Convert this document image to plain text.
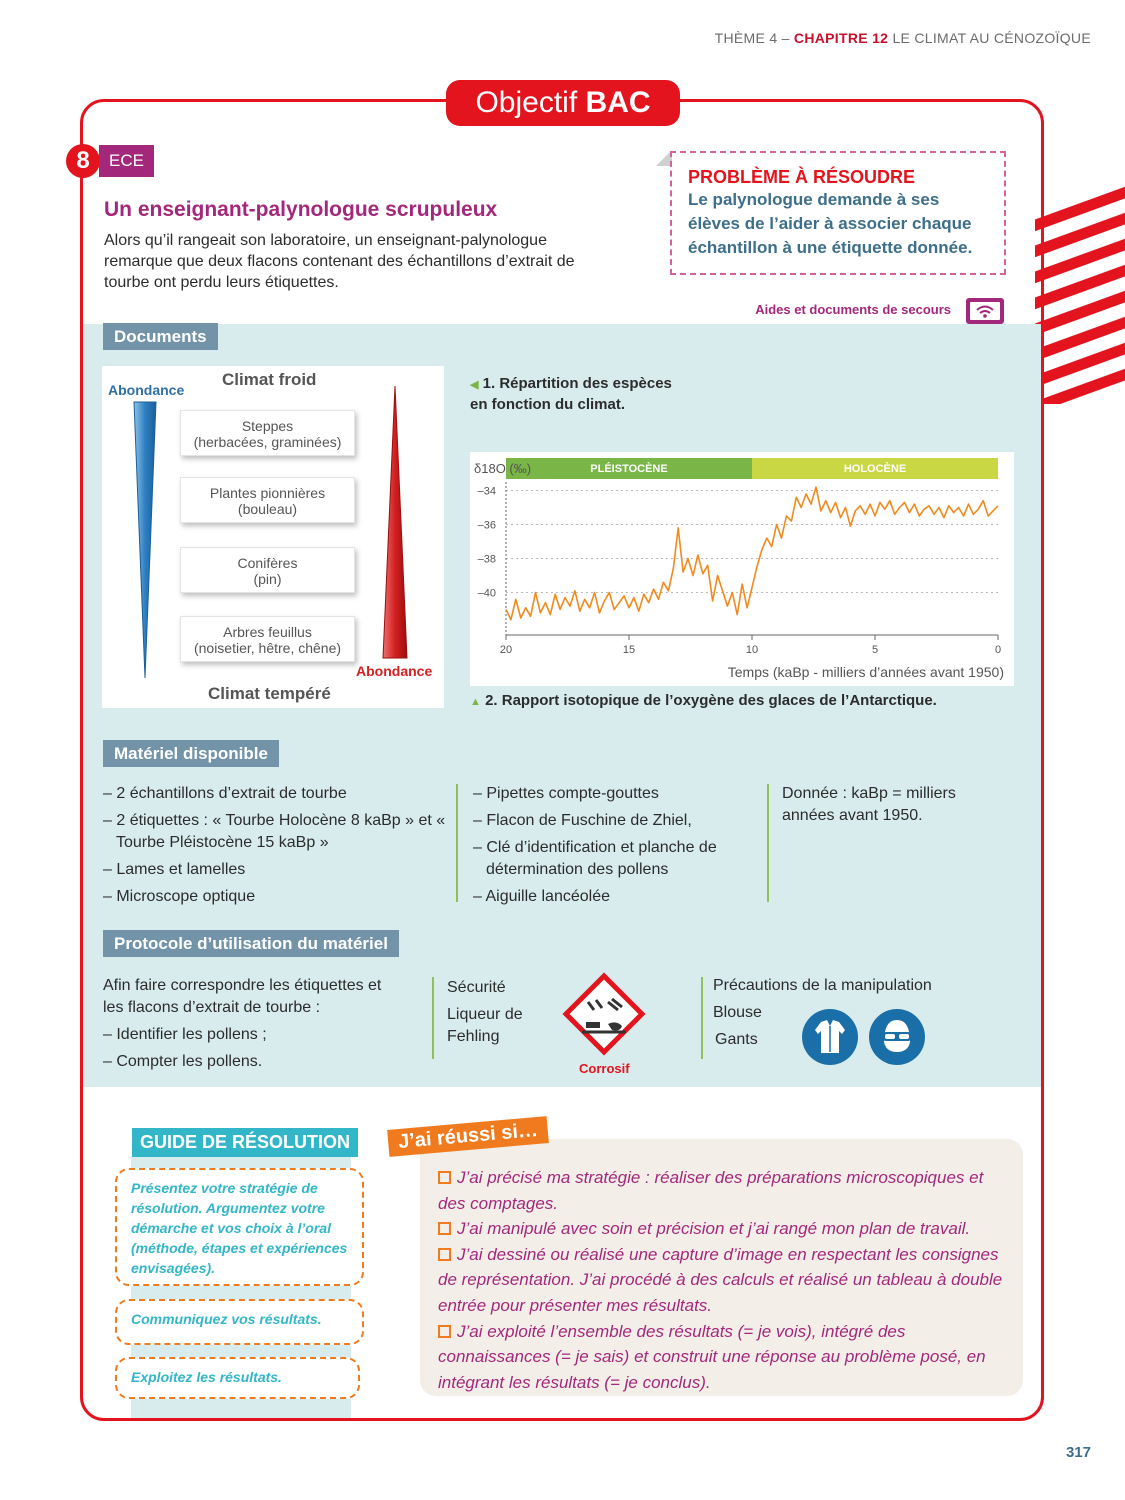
THÈME 4 – CHAPITRE 12 LE CLIMAT AU CÉNOZOÏQUE
Objectif BAC
8	ECE
Un enseignant-palynologue scrupuleux
Alors qu’il rangeait son laboratoire, un enseignant-palynologue remarque que deux flacons contenant des échantillons d’extrait de tourbe ont perdu leurs étiquettes.
PROBLÈME À RÉSOUDRE
Le palynologue demande à ses élèves de l’aider à associer chaque échantillon à une étiquette donnée.
Aides et documents de secours
Documents
Abondance
Abondance
Climat froid
Climat tempéré
Steppes
(herbacées, graminées)
Plantes pionnières
(bouleau)
Conifères
(pin)
Arbres feuillus
(noisetier, hêtre, chêne)
◀ 1. Répartition des espèces
en fonction du climat.
PLÉISTOCÈNE	HOLOCÈNE
δ18O (‰)
–34
–36
–38
–40
20	15	10	5	0
Temps (kaBp - milliers d’années avant 1950)
▲ 2. Rapport isotopique de l’oxygène des glaces de l’Antarctique.
Matériel disponible
– 2 échantillons d’extrait de tourbe
– 2 étiquettes : « Tourbe Holocène 8 kaBp » et « Tourbe Pléistocène 15 kaBp »
– Lames et lamelles
– Microscope optique
– Pipettes compte-gouttes
– Flacon de Fuschine de Zhiel,
– Clé d’identification et planche de détermination des pollens
– Aiguille lancéolée
Donnée : kaBp = milliers années avant 1950.
Protocole d’utilisation du matériel
Afin faire correspondre les étiquettes et les flacons d’extrait de tourbe :
– Identifier les pollens ;
– Compter les pollens.
Sécurité
Liqueur de
Fehling
Corrosif
Précautions de la manipulation
Blouse
Gants
GUIDE DE RÉSOLUTION
Présentez votre stratégie de résolution. Argumentez votre démarche et vos choix à l’oral (méthode, étapes et expériences envisagées).
Communiquez vos résultats.
Exploitez les résultats.
J’ai précisé ma stratégie : réaliser des préparations microscopiques et des comptages.
J’ai manipulé avec soin et précision et j’ai rangé mon plan de travail.
J’ai dessiné ou réalisé une capture d’image en respectant les consignes de représentation. J’ai procédé à des calculs et réalisé un tableau à double entrée pour présenter mes résultats.
J’ai exploité l’ensemble des résultats (= je vois), intégré des connaissances (= je sais) et construit une réponse au problème posé, en intégrant les résultats (= je conclus).
J’ai réussi si…
317
